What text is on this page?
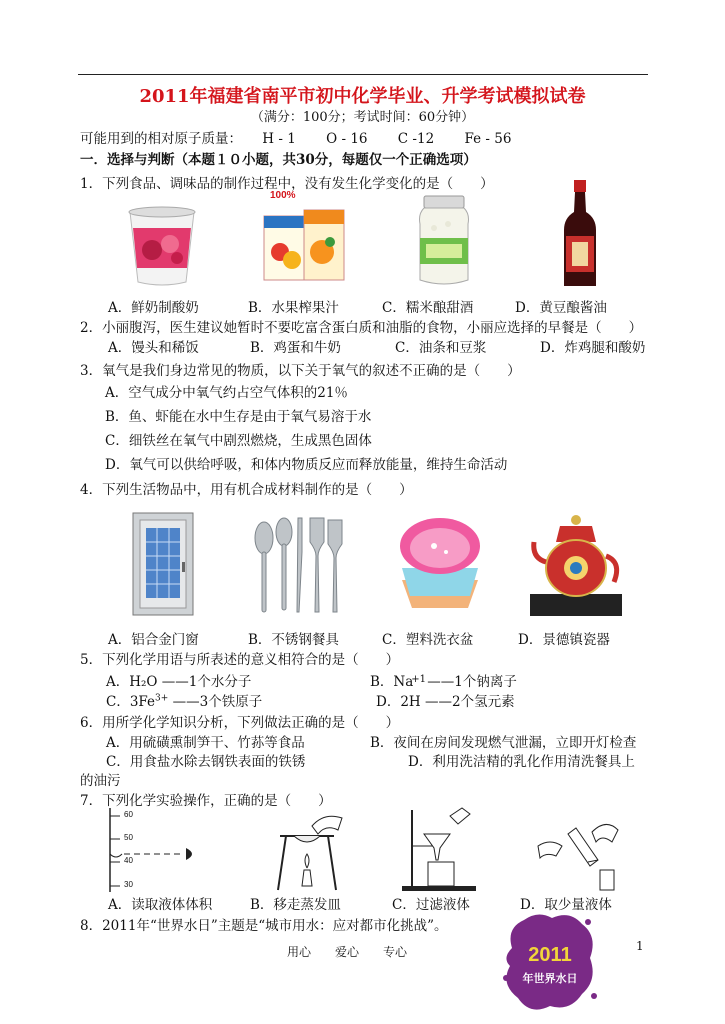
2011年福建省南平市初中化学毕业、升学考试模拟试卷
（满分：100分；考试时间：60分钟）
可能用到的相对原子质量： H - 1 O - 16 C -12 Fe - 56
一．选择与判断（本题１０小题，共30分，每题仅一个正确选项）
1．下列食品、调味品的制作过程中，没有发生化学变化的是（　　）
100%
A．鲜奶制酸奶	B．水果榨果汁	C．糯米酿甜酒	D．黄豆酿酱油
2．小丽腹泻，医生建议她暂时不要吃富含蛋白质和油脂的食物，小丽应选择的早餐是（　　）
A．馒头和稀饭	B．鸡蛋和牛奶	C．油条和豆浆	D．炸鸡腿和酸奶
3．氧气是我们身边常见的物质，以下关于氧气的叙述不正确的是（　　）
A．空气成分中氧气约占空气体积的21％
B．鱼、虾能在水中生存是由于氧气易溶于水
C．细铁丝在氧气中剧烈燃烧，生成黑色固体
D．氧气可以供给呼吸，和体内物质反应而释放能量，维持生命活动
4．下列生活物品中，用有机合成材料制作的是（　　）
A．铝合金门窗	B．不锈钢餐具	C．塑料洗衣盆	D．景德镇瓷器
5．下列化学用语与所表述的意义相符合的是（　　）
A．H₂O ——1个水分子	B．Na
+1 ——1个钠离子
C．$3Fe^{3+}$ ——3个铁原子	D．2H ——2个氢元素
6．用所学化学知识分析，下列做法正确的是（　　）
A．用硫磺熏制笋干、竹荪等食品	B．夜间在房间发现燃气泄漏，立即开灯检查
C．用食盐水除去钢铁表面的铁锈	D．利用洗洁精的乳化作用清洗餐具上
的油污
7．下列化学实验操作，正确的是（　　）
60
50
40
30
A．读取液体体积	B．移走蒸发皿	C．过滤液体	D．取少量液体
8．2011年“世界水日”主题是“城市用水：应对都市化挑战”。
用心　　爱心　　专心	1
2011
年世界水日
